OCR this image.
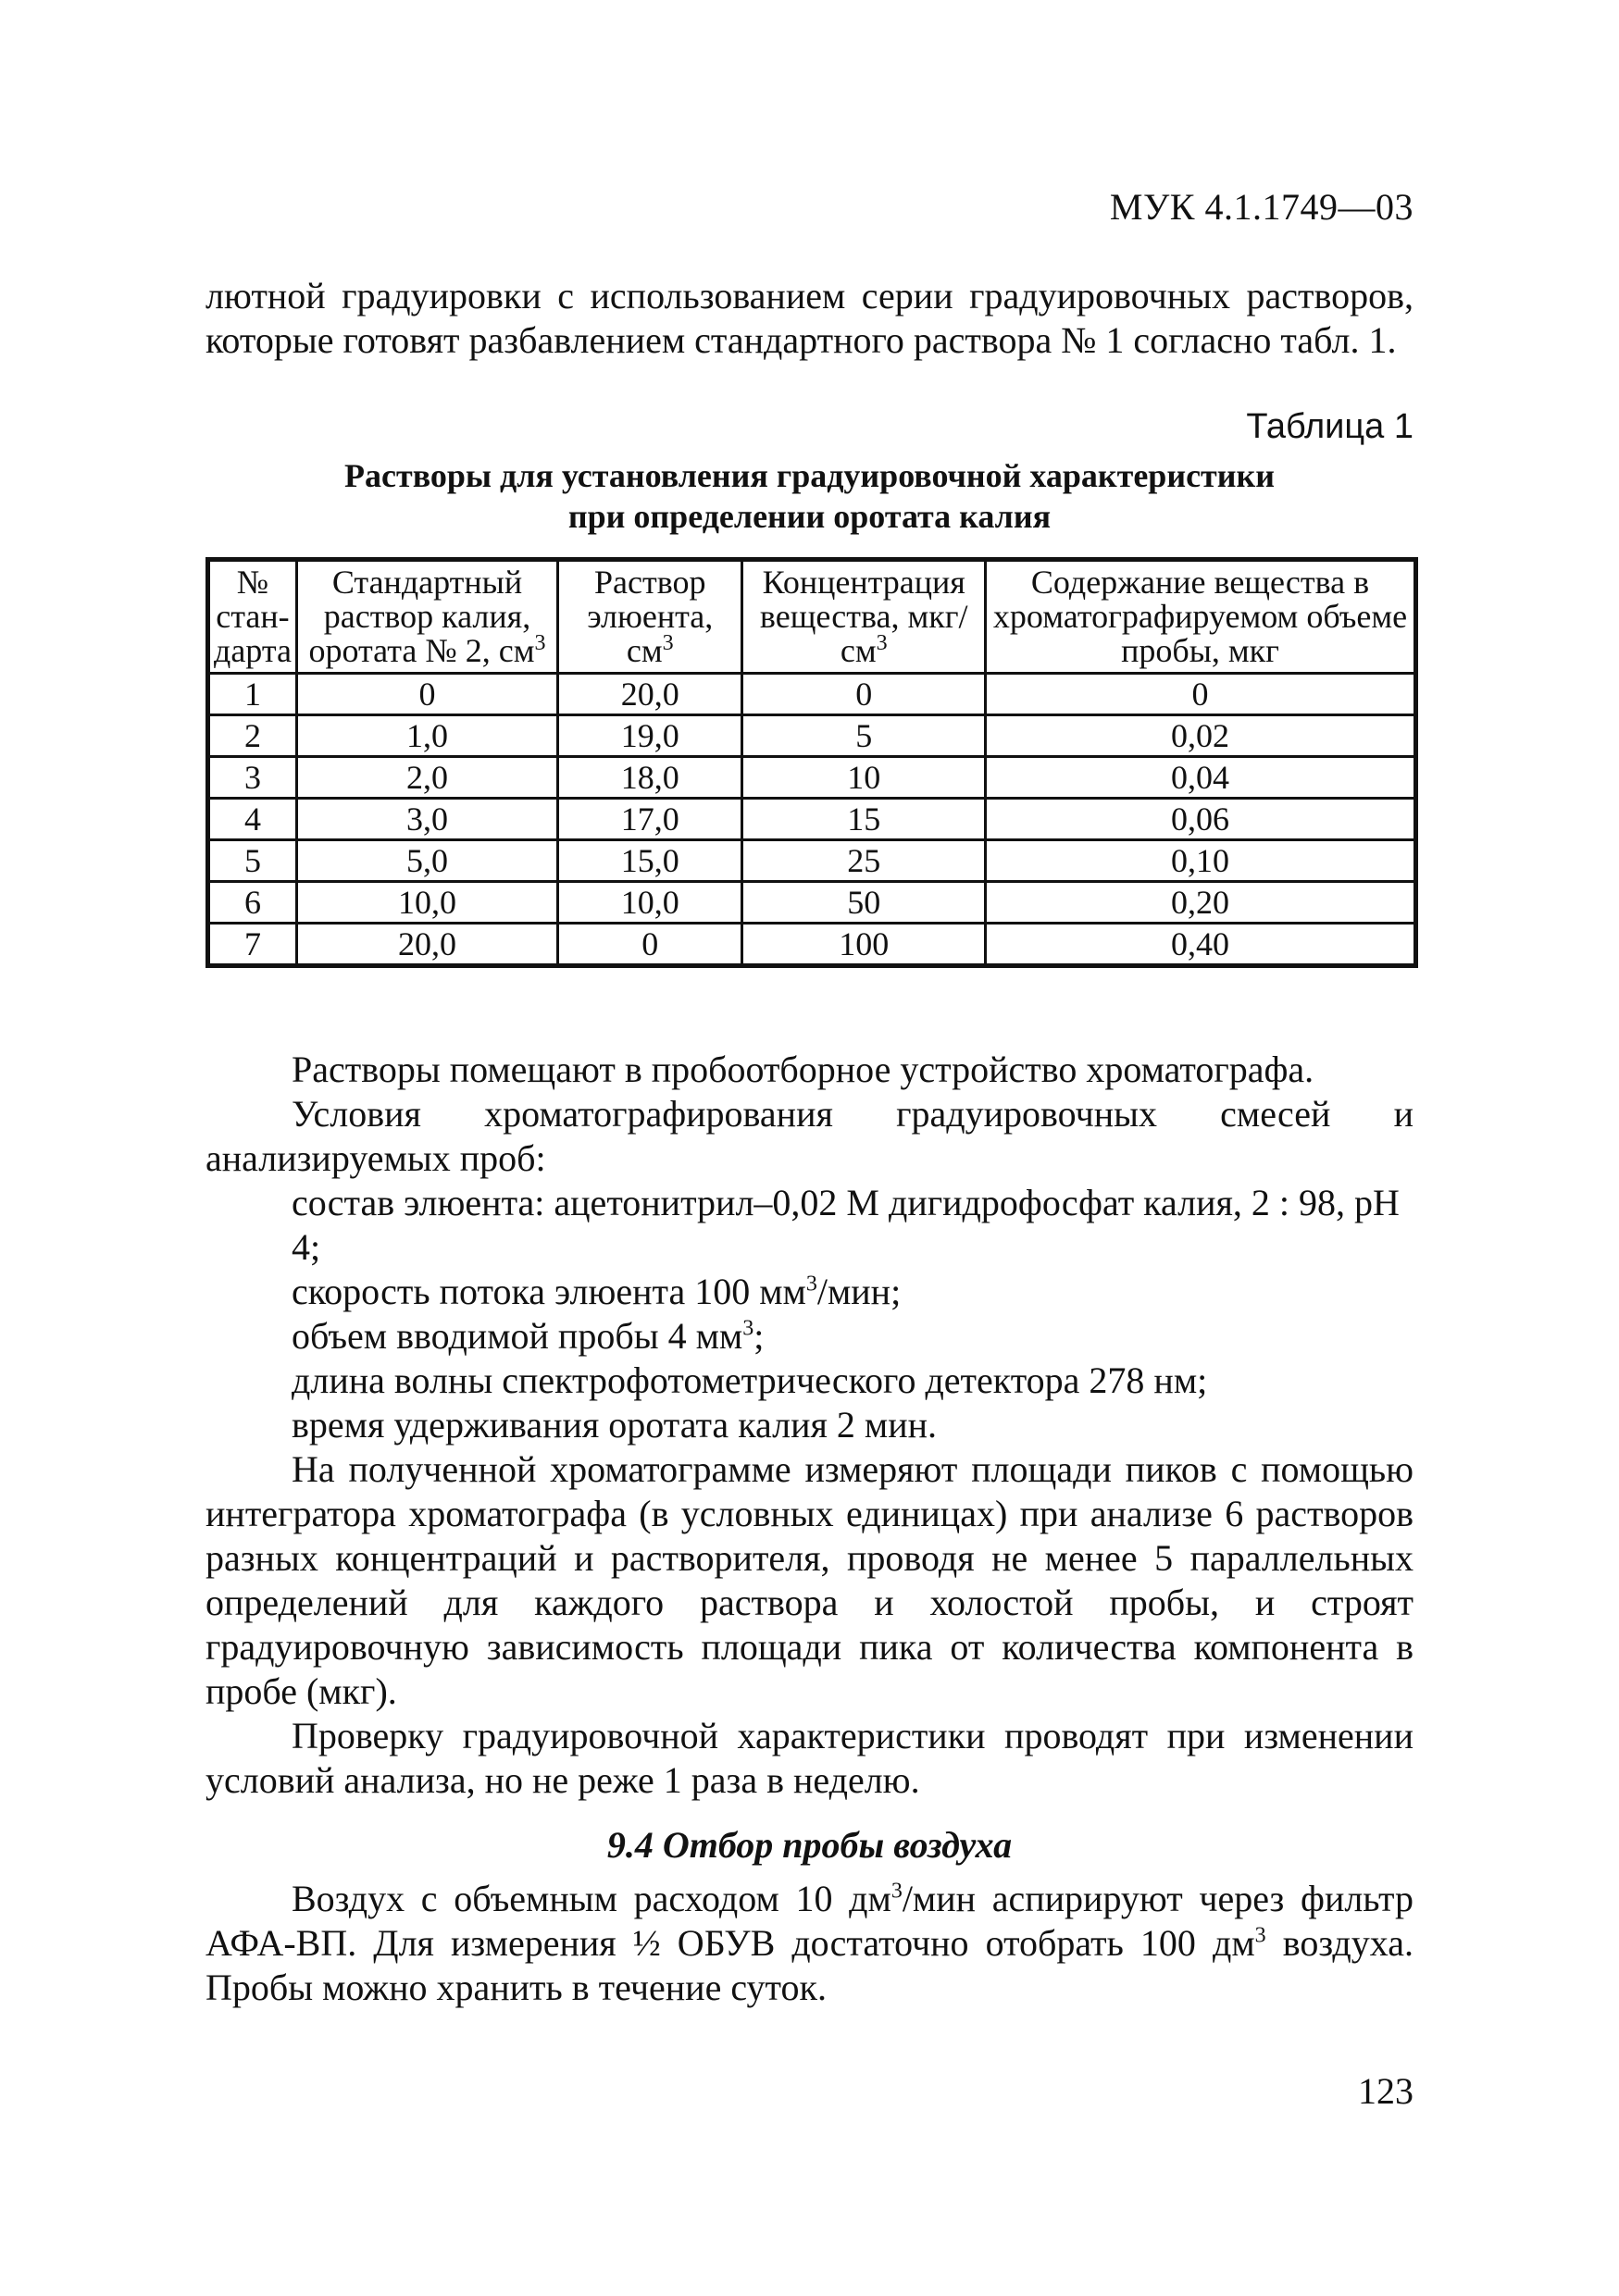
МУК 4.1.1749—03
лютной градуировки с использованием серии градуировочных растворов, которые готовят разбавлением стандартного раствора № 1 согласно табл. 1.
Таблица 1
Растворы для установления градуировочной характеристики
при определении оротата калия
№ стан- дарта	Стандартный раствор калия, оротата № 2, $см^3$	Раствор элюента, $см^3$	Концентрация вещества, мкг/$см^3$	Содержание вещества в хроматографируемом объеме пробы, мкг
1	0	20,0	0	0
2	1,0	19,0	5	0,02
3	2,0	18,0	10	0,04
4	3,0	17,0	15	0,06
5	5,0	15,0	25	0,10
6	10,0	10,0	50	0,20
7	20,0	0	100	0,40
Растворы помещают в пробоотборное устройство хроматографа.
Условия хроматографирования градуировочных смесей и анализируемых проб:
состав элюента: ацетонитрил–0,02 М дигидрофосфат калия, 2 : 98, рН 4;
скорость потока элюента 100 $мм^3$/мин;
объем вводимой пробы 4 $мм^3$;
длина волны спектрофотометрического детектора 278 нм;
время удерживания оротата калия 2 мин.
На полученной хроматограмме измеряют площади пиков с помощью интегратора хроматографа (в условных единицах) при анализе 6 растворов разных концентраций и растворителя, проводя не менее 5 параллельных определений для каждого раствора и холостой пробы, и строят градуировочную зависимость площади пика от количества компонента в пробе (мкг).
Проверку градуировочной характеристики проводят при изменении условий анализа, но не реже 1 раза в неделю.
9.4 Отбор пробы воздуха
Воздух с объемным расходом 10 $дм^3$/мин аспирируют через фильтр АФА-ВП. Для измерения ½ ОБУВ достаточно отобрать 100 $дм^3$ воздуха. Пробы можно хранить в течение суток.
123
